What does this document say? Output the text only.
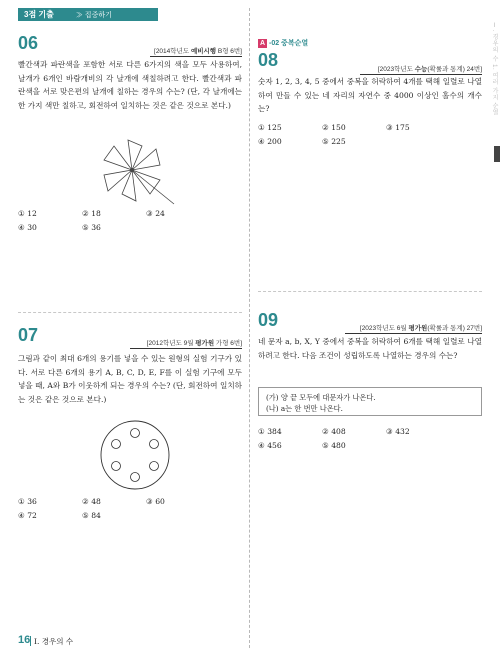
3점 기출	≫ 집중하기
Ⅰ. 경우의 수 1. 여러 가지 순열
06	[2014학년도 예비시행 B형 6번]
빨간색과 파란색을 포함한 서로 다른 6가지의 색을 모두 사용하여, 날개가 6개인 바람개비의 각 날개에 색칠하려고 한다. 빨간색과 파란색을 서로 맞은편의 날개에 칠하는 경우의 수는? (단, 각 날개에는 한 가지 색만 칠하고, 회전하여 일치하는 것은 같은 것으로 본다.)
① 12	② 18	③ 24
④ 30	⑤ 36
07	[2012학년도 9월 평가원 가형 6번]
그림과 같이 최대 6개의 용기를 넣을 수 있는 원형의 실험 기구가 있다. 서로 다른 6개의 용기 A, B, C, D, E, F를 이 실험 기구에 모두 넣을 때, A와 B가 이웃하게 되는 경우의 수는? (단, 회전하여 일치하는 것은 같은 것으로 본다.)
① 36	② 48	③ 60
④ 72	⑤ 84
A -02 중복순열
08	[2023학년도 수능(확률과 통계) 24번]
숫자 1, 2, 3, 4, 5 중에서 중복을 허락하여 4개를 택해 일렬로 나열하여 만들 수 있는 네 자리의 자연수 중 4000 이상인 홀수의 개수는?
① 125	② 150	③ 175
④ 200	⑤ 225
09	[2023학년도 6월 평가원(확률과 통계) 27번]
네 문자 a, b, X, Y 중에서 중복을 허락하여 6개를 택해 일렬로 나열하려고 한다. 다음 조건이 성립하도록 나열하는 경우의 수는?
(가) 양 끝 모두에 대문자가 나온다.
(나) a는 한 번만 나온다.
① 384	② 408	③ 432
④ 456	⑤ 480
16 I. 경우의 수
